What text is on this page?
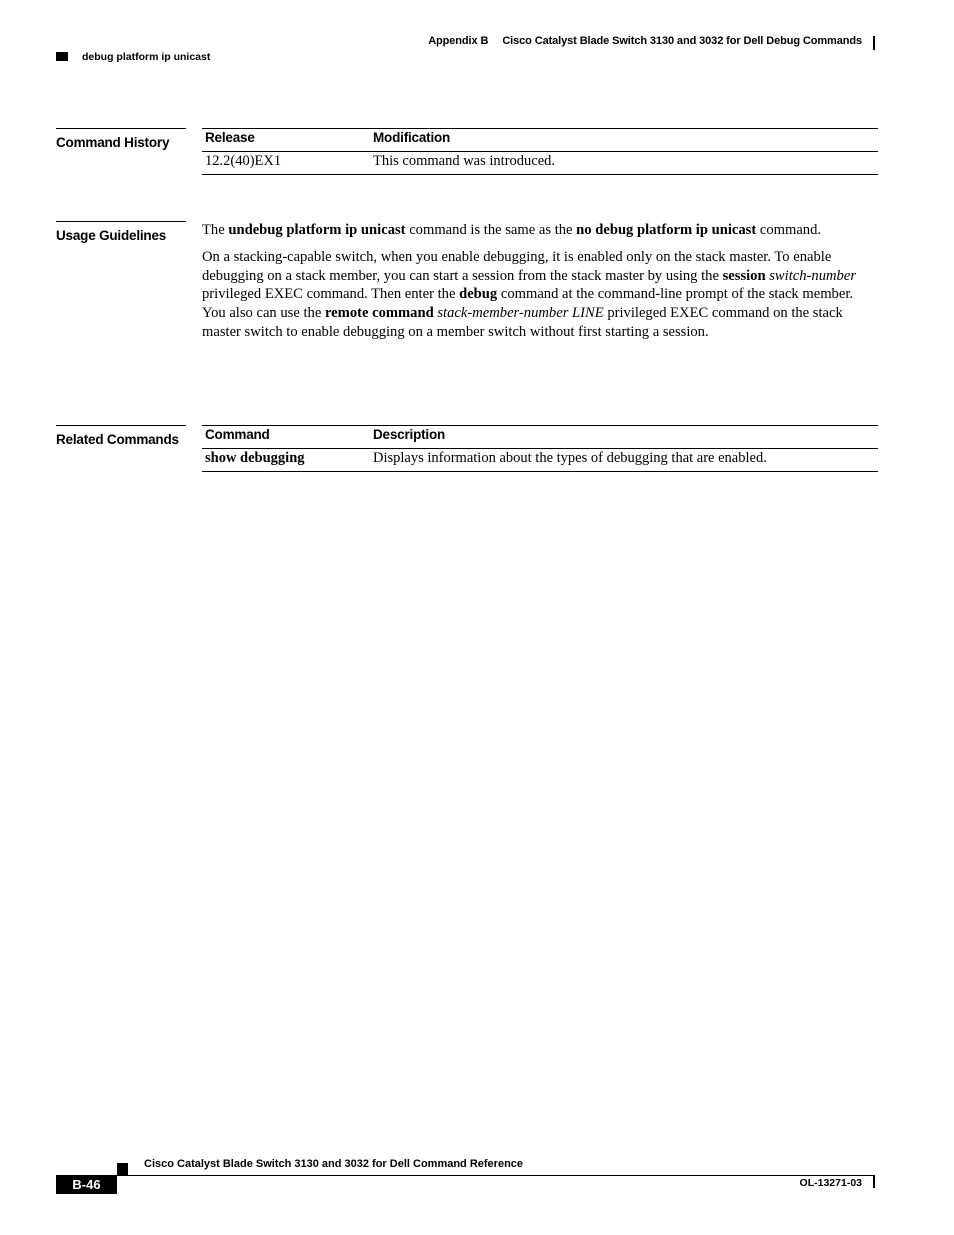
Appendix B Cisco Catalyst Blade Switch 3130 and 3032 for Dell Debug Commands
debug platform ip unicast
Command History	Release	Modification
12.2(40)EX1	This command was introduced.
Usage Guidelines	The undebug platform ip unicast command is the same as the no debug platform ip unicast command.

On a stacking-capable switch, when you enable debugging, it is enabled only on the stack master. To enable debugging on a stack member, you can start a session from the stack master by using the session switch-number privileged EXEC command. Then enter the debug command at the command-line prompt of the stack member. You also can use the remote command stack-member-number LINE privileged EXEC command on the stack master switch to enable debugging on a member switch without first starting a session.

Related Commands	Command	Description
show debugging	Displays information about the types of debugging that are enabled.
Cisco Catalyst Blade Switch 3130 and 3032 for Dell Command Reference
B-46	OL-13271-03
